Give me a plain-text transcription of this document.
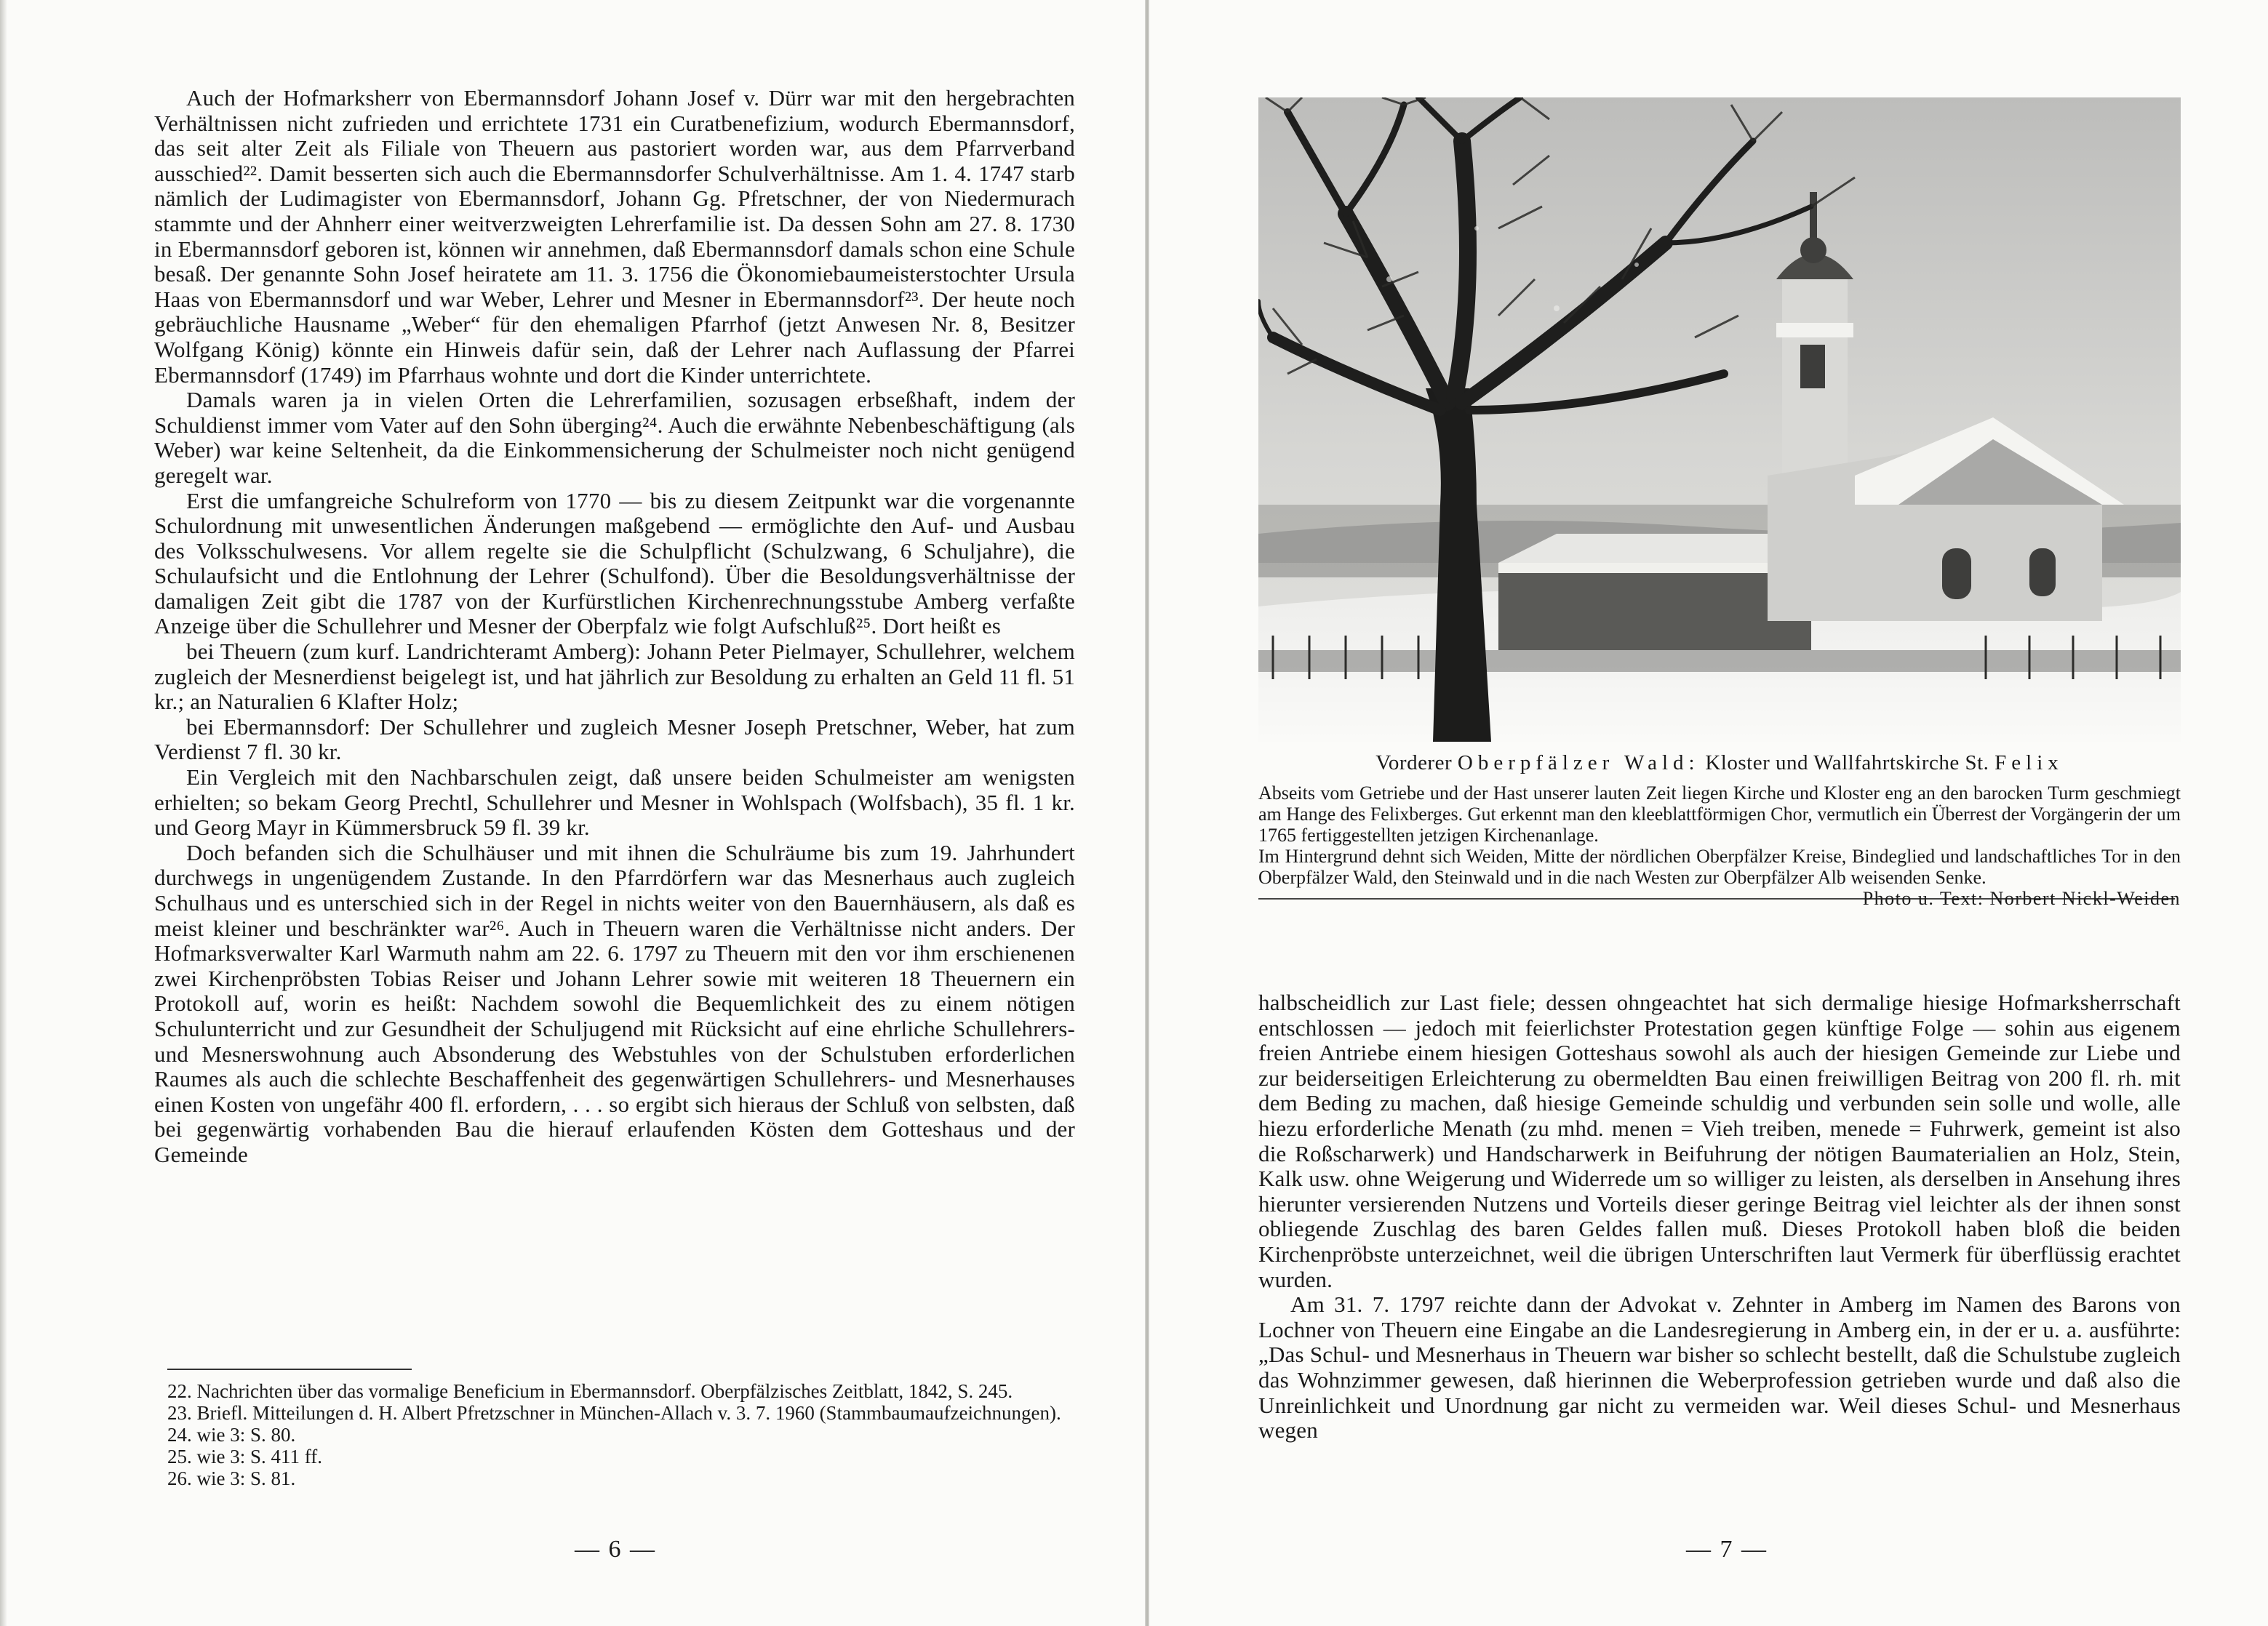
Auch der Hofmarksherr von Ebermannsdorf Johann Josef v. Dürr war mit den hergebrachten Verhältnissen nicht zufrieden und errichtete 1731 ein Curatbenefizium, wodurch Ebermannsdorf, das seit alter Zeit als Filiale von Theuern aus pastoriert worden war, aus dem Pfarrverband ausschied²². Damit besserten sich auch die Ebermannsdorfer Schulverhältnisse. Am 1. 4. 1747 starb nämlich der Ludimagister von Ebermannsdorf, Johann Gg. Pfretschner, der von Niedermurach stammte und der Ahnherr einer weitverzweigten Lehrerfamilie ist. Da dessen Sohn am 27. 8. 1730 in Ebermannsdorf geboren ist, können wir annehmen, daß Ebermannsdorf damals schon eine Schule besaß. Der genannte Sohn Josef heiratete am 11. 3. 1756 die Ökonomiebaumeisterstochter Ursula Haas von Ebermannsdorf und war Weber, Lehrer und Mesner in Ebermannsdorf²³. Der heute noch gebräuchliche Hausname „Weber“ für den ehemaligen Pfarrhof (jetzt Anwesen Nr. 8, Besitzer Wolfgang König) könnte ein Hinweis dafür sein, daß der Lehrer nach Auflassung der Pfarrei Ebermannsdorf (1749) im Pfarrhaus wohnte und dort die Kinder unterrichtete.

Damals waren ja in vielen Orten die Lehrerfamilien, sozusagen erbseßhaft, indem der Schuldienst immer vom Vater auf den Sohn überging²⁴. Auch die erwähnte Nebenbeschäftigung (als Weber) war keine Seltenheit, da die Einkommensicherung der Schulmeister noch nicht genügend geregelt war.

Erst die umfangreiche Schulreform von 1770 — bis zu diesem Zeitpunkt war die vorgenannte Schulordnung mit unwesentlichen Änderungen maßgebend — ermöglichte den Auf- und Ausbau des Volksschulwesens. Vor allem regelte sie die Schulpflicht (Schulzwang, 6 Schuljahre), die Schulaufsicht und die Entlohnung der Lehrer (Schulfond). Über die Besoldungsverhältnisse der damaligen Zeit gibt die 1787 von der Kurfürstlichen Kirchenrechnungsstube Amberg verfaßte Anzeige über die Schullehrer und Mesner der Oberpfalz wie folgt Aufschluß²⁵. Dort heißt es

bei Theuern (zum kurf. Landrichteramt Amberg): Johann Peter Pielmayer, Schullehrer, welchem zugleich der Mesnerdienst beigelegt ist, und hat jährlich zur Besoldung zu erhalten an Geld 11 fl. 51 kr.; an Naturalien 6 Klafter Holz;

bei Ebermannsdorf: Der Schullehrer und zugleich Mesner Joseph Pretschner, Weber, hat zum Verdienst 7 fl. 30 kr.

Ein Vergleich mit den Nachbarschulen zeigt, daß unsere beiden Schulmeister am wenigsten erhielten; so bekam Georg Prechtl, Schullehrer und Mesner in Wohlspach (Wolfsbach), 35 fl. 1 kr. und Georg Mayr in Kümmersbruck 59 fl. 39 kr.

Doch befanden sich die Schulhäuser und mit ihnen die Schulräume bis zum 19. Jahrhundert durchwegs in ungenügendem Zustande. In den Pfarrdörfern war das Mesnerhaus auch zugleich Schulhaus und es unterschied sich in der Regel in nichts weiter von den Bauernhäusern, als daß es meist kleiner und beschränkter war²⁶. Auch in Theuern waren die Verhältnisse nicht anders. Der Hofmarksverwalter Karl Warmuth nahm am 22. 6. 1797 zu Theuern mit den vor ihm erschienenen zwei Kirchenpröbsten Tobias Reiser und Johann Lehrer sowie mit weiteren 18 Theuernern ein Protokoll auf, worin es heißt: Nachdem sowohl die Bequemlichkeit des zu einem nötigen Schulunterricht und zur Gesundheit der Schuljugend mit Rücksicht auf eine ehrliche Schullehrers- und Mesnerswohnung auch Absonderung des Webstuhles von der Schulstuben erforderlichen Raumes als auch die schlechte Beschaffenheit des gegenwärtigen Schullehrers- und Mesnerhauses einen Kosten von ungefähr 400 fl. erfordern, . . . so ergibt sich hieraus der Schluß von selbsten, daß bei gegenwärtig vorhabenden Bau die hierauf erlaufenden Kösten dem Gotteshaus und der Gemeinde

22. Nachrichten über das vormalige Beneficium in Ebermannsdorf. Oberpfälzisches Zeitblatt, 1842, S. 245.

23. Briefl. Mitteilungen d. H. Albert Pfretzschner in München-Allach v. 3. 7. 1960 (Stammbaumaufzeichnungen).

24. wie 3: S. 80.

25. wie 3: S. 411 ff.

26. wie 3: S. 81.

— 6 —
Vorderer Oberpfälzer Wald: Kloster und Wallfahrtskirche St. Felix

Abseits vom Getriebe und der Hast unserer lauten Zeit liegen Kirche und Kloster eng an den barocken Turm geschmiegt am Hange des Felixberges. Gut erkennt man den kleeblattförmigen Chor, vermutlich ein Überrest der Vorgängerin der um 1765 fertiggestellten jetzigen Kirchenanlage.

Im Hintergrund dehnt sich Weiden, Mitte der nördlichen Oberpfälzer Kreise, Bindeglied und landschaftliches Tor in den Oberpfälzer Wald, den Steinwald und in die nach Westen zur Oberpfälzer Alb weisenden Senke.
Photo u. Text: Norbert Nickl-Weiden

halbscheidlich zur Last fiele; dessen ohngeachtet hat sich dermalige hiesige Hofmarksherrschaft entschlossen — jedoch mit feierlichster Protestation gegen künftige Folge — sohin aus eigenem freien Antriebe einem hiesigen Gotteshaus sowohl als auch der hiesigen Gemeinde zur Liebe und zur beiderseitigen Erleichterung zu obermeldten Bau einen freiwilligen Beitrag von 200 fl. rh. mit dem Beding zu machen, daß hiesige Gemeinde schuldig und verbunden sein solle und wolle, alle hiezu erforderliche Menath (zu mhd. menen = Vieh treiben, menede = Fuhrwerk, gemeint ist also die Roßscharwerk) und Handscharwerk in Beifuhrung der nötigen Baumaterialien an Holz, Stein, Kalk usw. ohne Weigerung und Widerrede um so williger zu leisten, als derselben in Ansehung ihres hierunter versierenden Nutzens und Vorteils dieser geringe Beitrag viel leichter als der ihnen sonst obliegende Zuschlag des baren Geldes fallen muß. Dieses Protokoll haben bloß die beiden Kirchenpröbste unterzeichnet, weil die übrigen Unterschriften laut Vermerk für überflüssig erachtet wurden.

Am 31. 7. 1797 reichte dann der Advokat v. Zehnter in Amberg im Namen des Barons von Lochner von Theuern eine Eingabe an die Landesregierung in Amberg ein, in der er u. a. ausführte: „Das Schul- und Mesnerhaus in Theuern war bisher so schlecht bestellt, daß die Schulstube zugleich das Wohnzimmer gewesen, daß hierinnen die Weberprofession getrieben wurde und daß also die Unreinlichkeit und Unordnung gar nicht zu vermeiden war. Weil dieses Schul- und Mesnerhaus wegen

— 7 —
